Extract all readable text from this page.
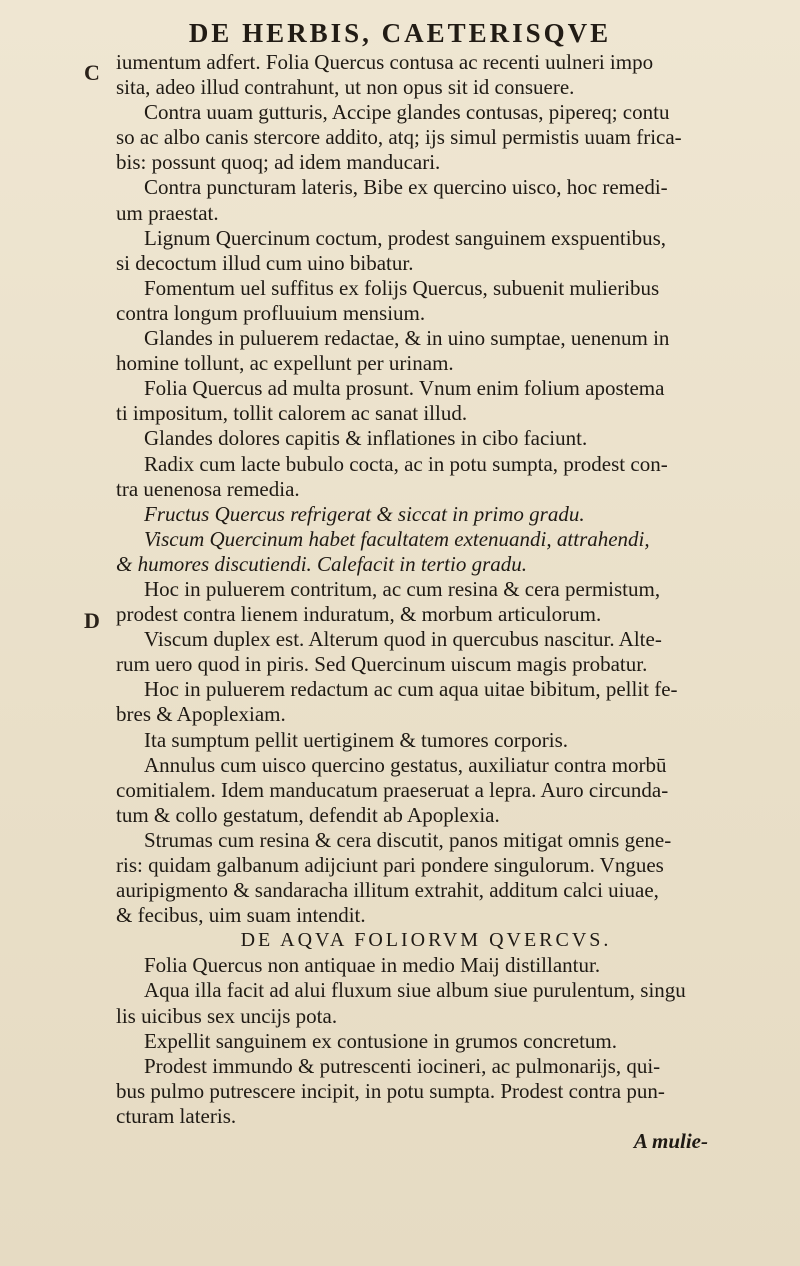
DE HERBIS, CAETERISQVE
C
D
iumentum adfert. Folia Quercus contusa ac recenti uulneri impo
sita, adeo illud contrahunt, ut non opus sit id consuere.
Contra uuam gutturis, Accipe glandes contusas, pipereq; contu
so ac albo canis stercore addito, atq; ijs simul permistis uuam frica-
bis: possunt quoq; ad idem manducari.
Contra puncturam lateris, Bibe ex quercino uisco, hoc remedi-
um praestat.
Lignum Quercinum coctum, prodest sanguinem exspuentibus,
si decoctum illud cum uino bibatur.
Fomentum uel suffitus ex folijs Quercus, subuenit mulieribus
contra longum profluuium mensium.
Glandes in puluerem redactae, & in uino sumptae, uenenum in
homine tollunt, ac expellunt per urinam.
Folia Quercus ad multa prosunt. Vnum enim folium apostema
ti impositum, tollit calorem ac sanat illud.
Glandes dolores capitis & inflationes in cibo faciunt.
Radix cum lacte bubulo cocta, ac in potu sumpta, prodest con-
tra uenenosa remedia.
Fructus Quercus refrigerat & siccat in primo gradu.
Viscum Quercinum habet facultatem extenuandi, attrahendi,
& humores discutiendi. Calefacit in tertio gradu.
Hoc in puluerem contritum, ac cum resina & cera permistum,
prodest contra lienem induratum, & morbum articulorum.
Viscum duplex est. Alterum quod in quercubus nascitur. Alte-
rum uero quod in piris. Sed Quercinum uiscum magis probatur.
Hoc in puluerem redactum ac cum aqua uitae bibitum, pellit fe-
bres & Apoplexiam.
Ita sumptum pellit uertiginem & tumores corporis.
Annulus cum uisco quercino gestatus, auxiliatur contra morbū
comitialem. Idem manducatum praeseruat a lepra. Auro circunda-
tum & collo gestatum, defendit ab Apoplexia.
Strumas cum resina & cera discutit, panos mitigat omnis gene-
ris: quidam galbanum adijciunt pari pondere singulorum. Vngues
auripigmento & sandaracha illitum extrahit, additum calci uiuae,
& fecibus, uim suam intendit.
DE AQVA FOLIORVM QVERCVS.
Folia Quercus non antiquae in medio Maij distillantur.
Aqua illa facit ad alui fluxum siue album siue purulentum, singu
lis uicibus sex uncijs pota.
Expellit sanguinem ex contusione in grumos concretum.
Prodest immundo & putrescenti iocineri, ac pulmonarijs, qui-
bus pulmo putrescere incipit, in potu sumpta. Prodest contra pun-
cturam lateris.
A mulie-
